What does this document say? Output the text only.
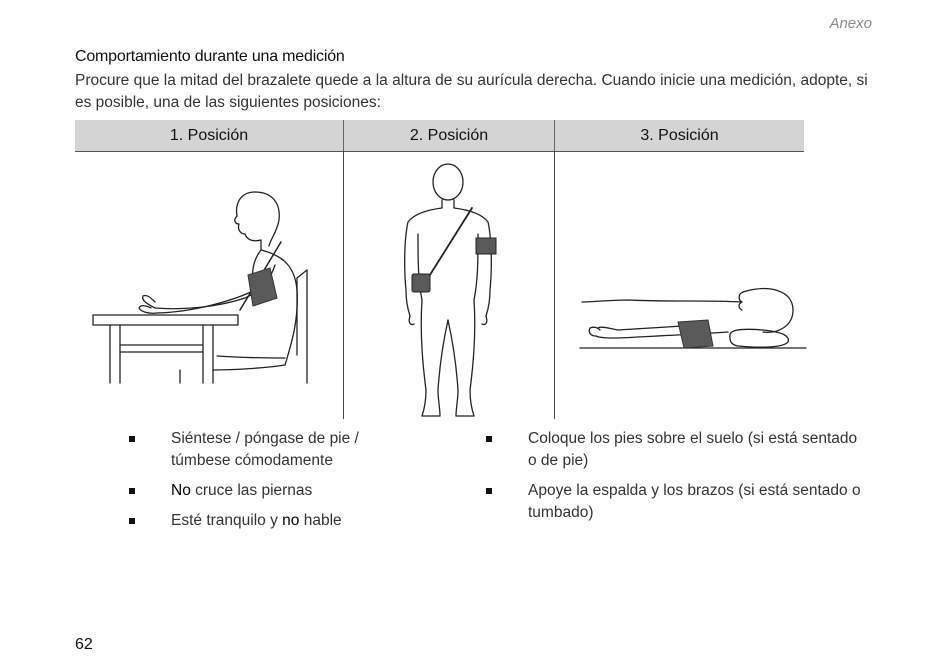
Anexo
Comportamiento durante una medición
Procure que la mitad del brazalete quede a la altura de su aurícula derecha. Cuando inicie una medición, adopte, si es posible, una de las siguientes posiciones:
1. Posición	2. Posición	3. Posición
Siéntese / póngase de pie / túmbese cómodamente
No cruce las piernas
Esté tranquilo y no hable
Coloque los pies sobre el suelo (si está sentado o de pie)
Apoye la espalda y los brazos (si está sentado o tumbado)
62
